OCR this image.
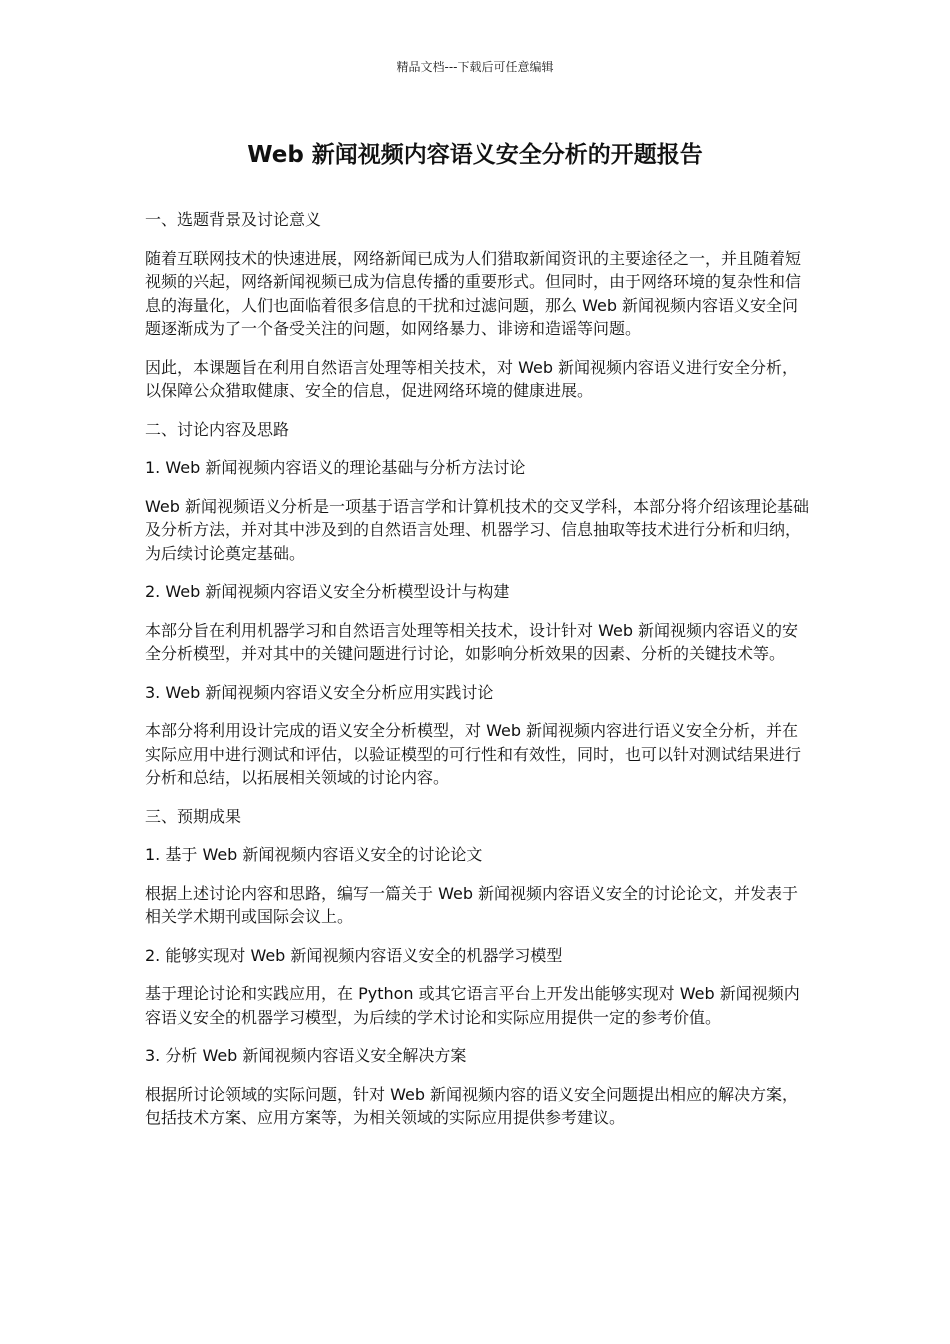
精品文档---下载后可任意编辑
Web 新闻视频内容语义安全分析的开题报告

一、选题背景及讨论意义

随着互联网技术的快速进展，网络新闻已成为人们猎取新闻资讯的主要途径之一，并且随着短视频的兴起，网络新闻视频已成为信息传播的重要形式。但同时，由于网络环境的复杂性和信息的海量化，人们也面临着很多信息的干扰和过滤问题，那么 Web 新闻视频内容语义安全问题逐渐成为了一个备受关注的问题，如网络暴力、诽谤和造谣等问题。

因此，本课题旨在利用自然语言处理等相关技术，对 Web 新闻视频内容语义进行安全分析，以保障公众猎取健康、安全的信息，促进网络环境的健康进展。

二、讨论内容及思路

1. Web 新闻视频内容语义的理论基础与分析方法讨论

Web 新闻视频语义分析是一项基于语言学和计算机技术的交叉学科，本部分将介绍该理论基础及分析方法，并对其中涉及到的自然语言处理、机器学习、信息抽取等技术进行分析和归纳，为后续讨论奠定基础。

2. Web 新闻视频内容语义安全分析模型设计与构建

本部分旨在利用机器学习和自然语言处理等相关技术，设计针对 Web 新闻视频内容语义的安全分析模型，并对其中的关键问题进行讨论，如影响分析效果的因素、分析的关键技术等。

3. Web 新闻视频内容语义安全分析应用实践讨论

本部分将利用设计完成的语义安全分析模型，对 Web 新闻视频内容进行语义安全分析，并在实际应用中进行测试和评估，以验证模型的可行性和有效性，同时，也可以针对测试结果进行分析和总结，以拓展相关领域的讨论内容。

三、预期成果

1. 基于 Web 新闻视频内容语义安全的讨论论文

根据上述讨论内容和思路，编写一篇关于 Web 新闻视频内容语义安全的讨论论文，并发表于相关学术期刊或国际会议上。

2. 能够实现对 Web 新闻视频内容语义安全的机器学习模型

基于理论讨论和实践应用，在 Python 或其它语言平台上开发出能够实现对 Web 新闻视频内容语义安全的机器学习模型，为后续的学术讨论和实际应用提供一定的参考价值。

3. 分析 Web 新闻视频内容语义安全解决方案

根据所讨论领域的实际问题，针对 Web 新闻视频内容的语义安全问题提出相应的解决方案，包括技术方案、应用方案等，为相关领域的实际应用提供参考建议。
